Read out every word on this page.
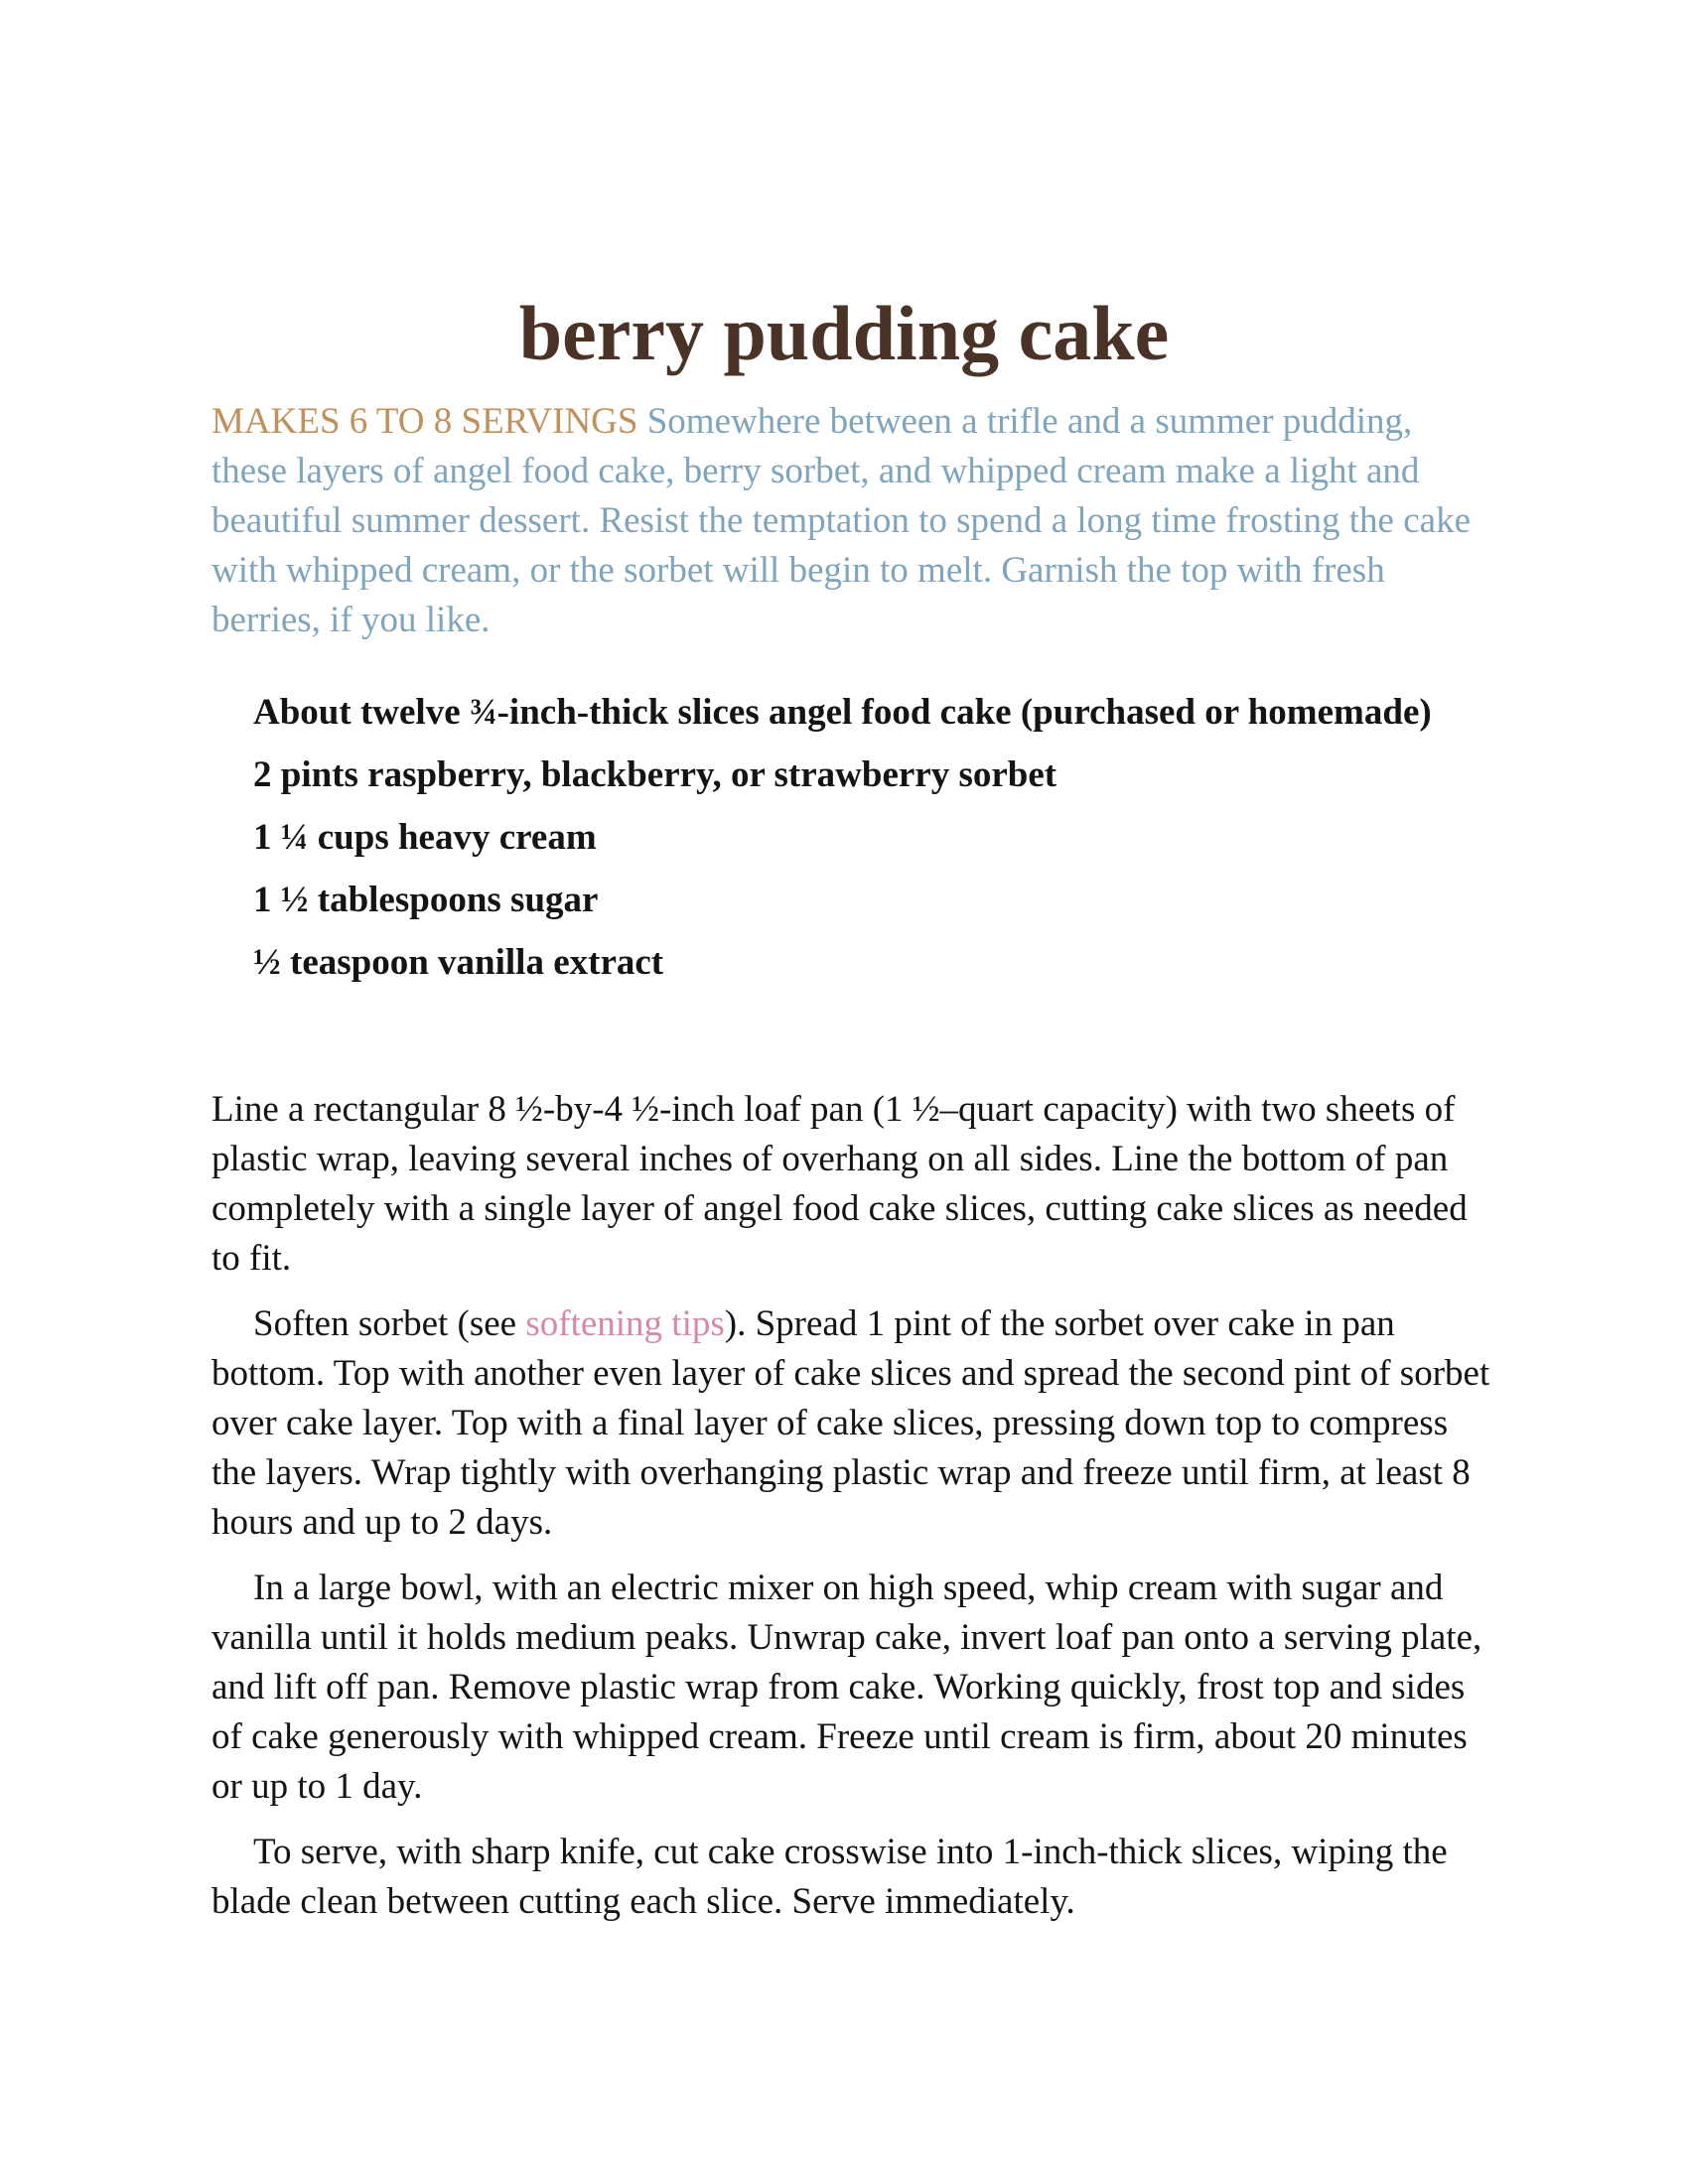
berry pudding cake

MAKES 6 TO 8 SERVINGS Somewhere between a trifle and a summer pudding, these layers of angel food cake, berry sorbet, and whipped cream make a light and beautiful summer dessert. Resist the temptation to spend a long time frosting the cake with whipped cream, or the sorbet will begin to melt. Garnish the top with fresh berries, if you like.

About twelve ¾-inch-thick slices angel food cake (purchased or homemade)
2 pints raspberry, blackberry, or strawberry sorbet
1 ¼ cups heavy cream
1 ½ tablespoons sugar
½ teaspoon vanilla extract

Line a rectangular 8 ½-by-4 ½-inch loaf pan (1 ½–quart capacity) with two sheets of plastic wrap, leaving several inches of overhang on all sides. Line the bottom of pan completely with a single layer of angel food cake slices, cutting cake slices as needed to fit.

Soften sorbet (see softening tips). Spread 1 pint of the sorbet over cake in pan bottom. Top with another even layer of cake slices and spread the second pint of sorbet over cake layer. Top with a final layer of cake slices, pressing down top to compress the layers. Wrap tightly with overhanging plastic wrap and freeze until firm, at least 8 hours and up to 2 days.

In a large bowl, with an electric mixer on high speed, whip cream with sugar and vanilla until it holds medium peaks. Unwrap cake, invert loaf pan onto a serving plate, and lift off pan. Remove plastic wrap from cake. Working quickly, frost top and sides of cake generously with whipped cream. Freeze until cream is firm, about 20 minutes or up to 1 day.

To serve, with sharp knife, cut cake crosswise into 1-inch-thick slices, wiping the blade clean between cutting each slice. Serve immediately.
